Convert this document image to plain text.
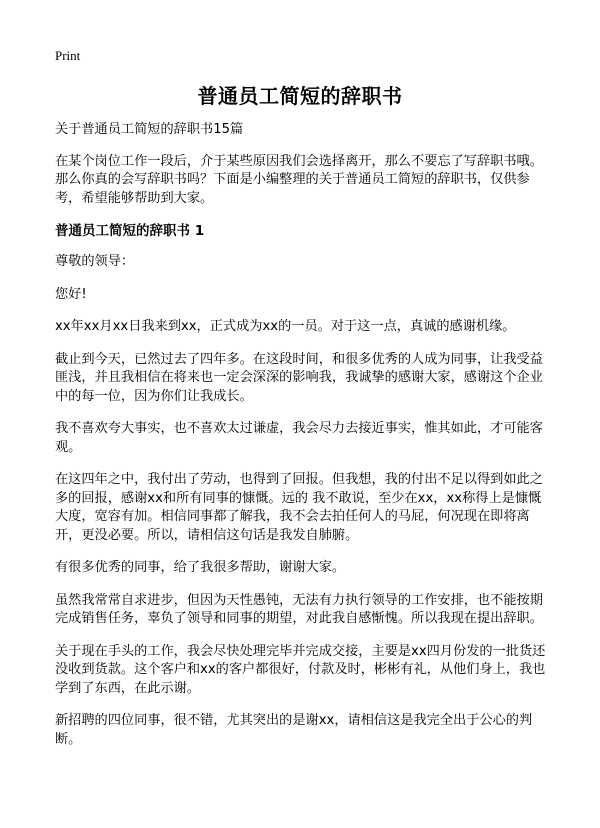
Print
普通员工简短的辞职书

关于普通员工简短的辞职书15篇

在某个岗位工作一段后，介于某些原因我们会选择离开，那么不要忘了写辞职书哦。那么你真的会写辞职书吗？下面是小编整理的关于普通员工简短的辞职书，仅供参考，希望能够帮助到大家。

普通员工简短的辞职书 1

尊敬的领导：

您好!

xx年xx月xx日我来到xx，正式成为xx的一员。对于这一点，真诚的感谢机缘。

截止到今天，已然过去了四年多。在这段时间，和很多优秀的人成为同事，让我受益匪浅，并且我相信在将来也一定会深深的影响我，我诚挚的感谢大家，感谢这个企业中的每一位，因为你们让我成长。

我不喜欢夸大事实，也不喜欢太过谦虚，我会尽力去接近事实，惟其如此，才可能客观。

在这四年之中，我付出了劳动，也得到了回报。但我想，我的付出不足以得到如此之多的回报，感谢xx和所有同事的慷慨。远的 我不敢说，至少在xx，xx称得上是慷慨大度，宽容有加。相信同事都了解我，我不会去拍任何人的马屁，何况现在即将离开，更没必要。所以，请相信这句话是我发自肺腑。

有很多优秀的同事，给了我很多帮助，谢谢大家。

虽然我常常自求进步，但因为天性愚钝，无法有力执行领导的工作安排，也不能按期完成销售任务，辜负了领导和同事的期望，对此我自感惭愧。所以我现在提出辞职。

关于现在手头的工作，我会尽快处理完毕并完成交接，主要是xx四月份发的一批货还没收到货款。这个客户和xx的客户都很好，付款及时，彬彬有礼，从他们身上，我也学到了东西，在此示谢。

新招聘的四位同事，很不错，尤其突出的是谢xx，请相信这是我完全出于公心的判断。
